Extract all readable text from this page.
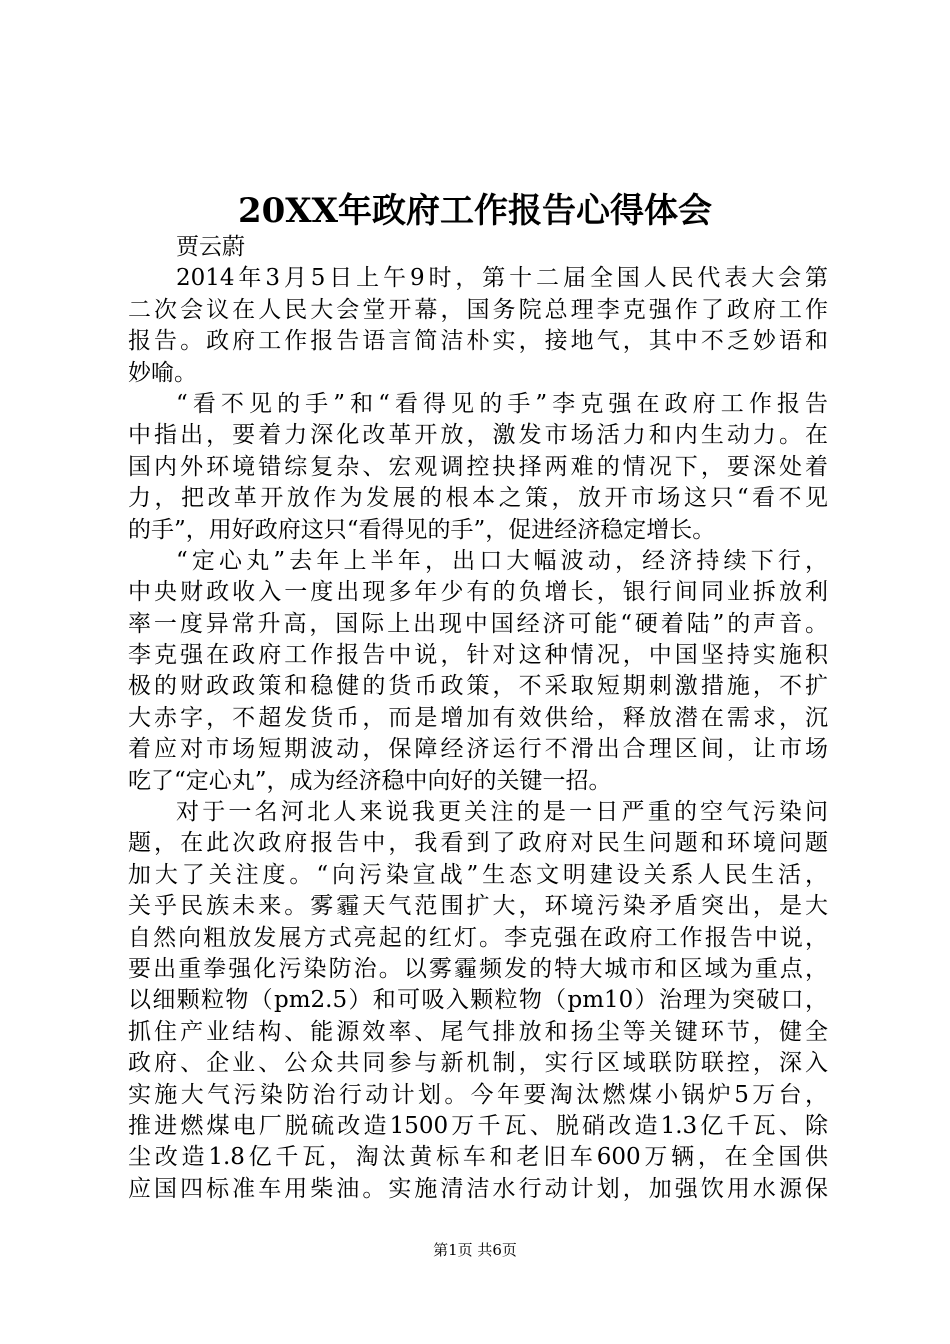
20XX年政府工作报告心得体会
贾云蔚
2014年3月5日上午9时，第十二届全国人民代表大会第
二次会议在人民大会堂开幕，国务院总理李克强作了政府工作
报告。政府工作报告语言简洁朴实，接地气，其中不乏妙语和
妙喻。
“看不见的手”和“看得见的手”李克强在政府工作报告
中指出，要着力深化改革开放，激发市场活力和内生动力。在
国内外环境错综复杂、宏观调控抉择两难的情况下，要深处着
力，把改革开放作为发展的根本之策，放开市场这只“看不见
的手”，用好政府这只“看得见的手”，促进经济稳定增长。
“定心丸”去年上半年，出口大幅波动，经济持续下行，
中央财政收入一度出现多年少有的负增长，银行间同业拆放利
率一度异常升高，国际上出现中国经济可能“硬着陆”的声音。
李克强在政府工作报告中说，针对这种情况，中国坚持实施积
极的财政政策和稳健的货币政策，不采取短期刺激措施，不扩
大赤字，不超发货币，而是增加有效供给，释放潜在需求，沉
着应对市场短期波动，保障经济运行不滑出合理区间，让市场
吃了“定心丸”，成为经济稳中向好的关键一招。
对于一名河北人来说我更关注的是一日严重的空气污染问
题，在此次政府报告中，我看到了政府对民生问题和环境问题
加大了关注度。“向污染宣战”生态文明建设关系人民生活，
关乎民族未来。雾霾天气范围扩大，环境污染矛盾突出，是大
自然向粗放发展方式亮起的红灯。李克强在政府工作报告中说，
要出重拳强化污染防治。以雾霾频发的特大城市和区域为重点，
以细颗粒物（pm2.5）和可吸入颗粒物（pm10）治理为突破口，
抓住产业结构、能源效率、尾气排放和扬尘等关键环节，健全
政府、企业、公众共同参与新机制，实行区域联防联控，深入
实施大气污染防治行动计划。今年要淘汰燃煤小锅炉5万台，
推进燃煤电厂脱硫改造1500万千瓦、脱硝改造1.3亿千瓦、除
尘改造1.8亿千瓦，淘汰黄标车和老旧车600万辆，在全国供
应国四标准车用柴油。实施清洁水行动计划，加强饮用水源保
第1页 共6页
